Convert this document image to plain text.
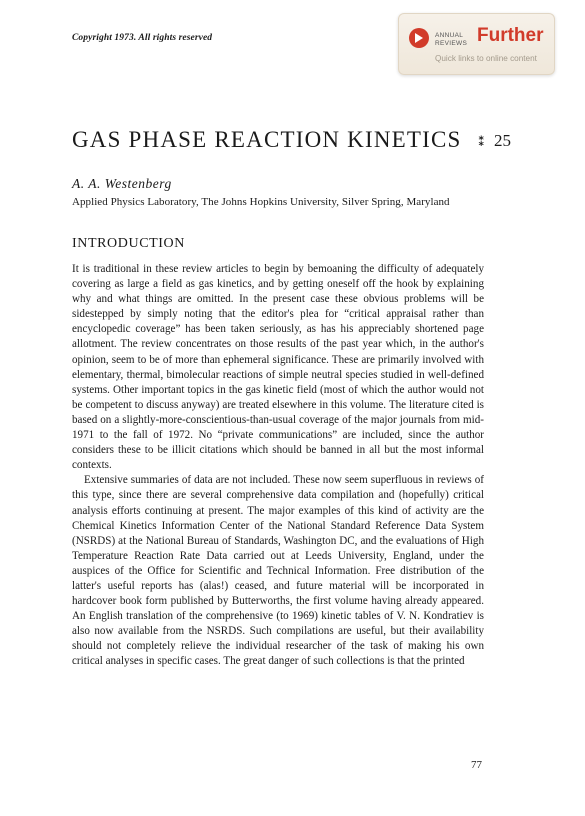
Copyright 1973. All rights reserved	ANNUAL REVIEWS Further
Quick links to online content
GAS PHASE REACTION KINETICS ⁑ 25
A. A. Westenberg
Applied Physics Laboratory, The Johns Hopkins University, Silver Spring, Maryland
INTRODUCTION

It is traditional in these review articles to begin by bemoaning the difficulty of adequately covering as large a field as gas kinetics, and by getting oneself off the hook by explaining why and what things are omitted. In the present case these obvious problems will be sidestepped by simply noting that the editor's plea for “critical appraisal rather than encyclopedic coverage” has been taken seriously, as has his appreciably shortened page allotment. The review concentrates on those results of the past year which, in the author's opinion, seem to be of more than ephemeral significance. These are primarily involved with elementary, thermal, bimolecular reactions of simple neutral species studied in well-defined systems. Other important topics in the gas kinetic field (most of which the author would not be competent to discuss anyway) are treated elsewhere in this volume. The literature cited is based on a slightly-more-conscientious-than-usual coverage of the major journals from mid-1971 to the fall of 1972. No “private communications” are included, since the author considers these to be illicit citations which should be banned in all but the most informal contexts.

Extensive summaries of data are not included. These now seem superfluous in reviews of this type, since there are several comprehensive data compilation and (hopefully) critical analysis efforts continuing at present. The major examples of this kind of activity are the Chemical Kinetics Information Center of the National Standard Reference Data System (NSRDS) at the National Bureau of Standards, Washington DC, and the evaluations of High Temperature Reaction Rate Data carried out at Leeds University, England, under the auspices of the Office for Scientific and Technical Information. Free distribution of the latter's useful reports has (alas!) ceased, and future material will be incorporated in hardcover book form published by Butterworths, the first volume having already appeared. An English translation of the comprehensive (to 1969) kinetic tables of V. N. Kondratiev is also now available from the NSRDS. Such compilations are useful, but their availability should not completely relieve the individual researcher of the task of making his own critical analyses in specific cases. The great danger of such collections is that the printed

77
